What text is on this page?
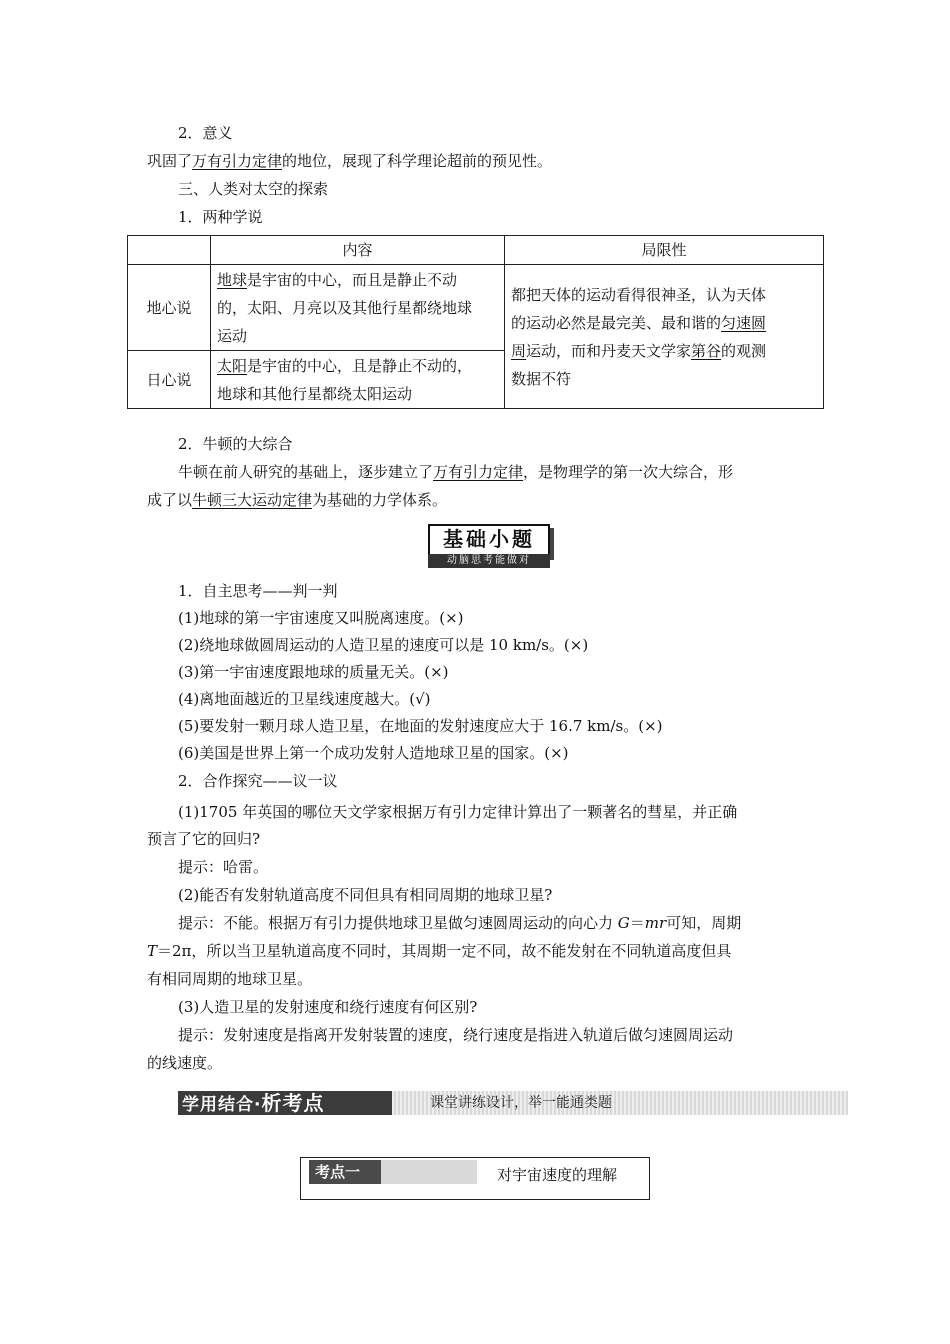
2．意义
巩固了万有引力定律的地位，展现了科学理论超前的预见性。
三、人类对太空的探索
1．两种学说
	内容	局限性
地心说	地球是宇宙的中心，而且是静止不动
的，太阳、月亮以及其他行星都绕地球
运动	都把天体的运动看得很神圣，认为天体
的运动必然是最完美、最和谐的匀速圆
周运动，而和丹麦天文学家第谷的观测
数据不符
日心说	太阳是宇宙的中心，且是静止不动的，
地球和其他行星都绕太阳运动	
2．牛顿的大综合
牛顿在前人研究的基础上，逐步建立了万有引力定律，是物理学的第一次大综合，形
成了以牛顿三大运动定律为基础的力学体系。
基础小题
动脑思考能做对
1．自主思考——判一判
(1)地球的第一宇宙速度又叫脱离速度。(×)
(2)绕地球做圆周运动的人造卫星的速度可以是 10 km/s。(×)
(3)第一宇宙速度跟地球的质量无关。(×)
(4)离地面越近的卫星线速度越大。(√)
(5)要发射一颗月球人造卫星，在地面的发射速度应大于 16.7 km/s。(×)
(6)美国是世界上第一个成功发射人造地球卫星的国家。(×)
2．合作探究——议一议
(1)1705 年英国的哪位天文学家根据万有引力定律计算出了一颗著名的彗星，并正确
预言了它的回归?
提示：哈雷。
(2)能否有发射轨道高度不同但具有相同周期的地球卫星?
提示：不能。根据万有引力提供地球卫星做匀速圆周运动的向心力 G＝mr可知，周期
T＝2π，所以当卫星轨道高度不同时，其周期一定不同，故不能发射在不同轨道高度但具
有相同周期的地球卫星。
(3)人造卫星的发射速度和绕行速度有何区别?
提示：发射速度是指离开发射装置的速度，绕行速度是指进入轨道后做匀速圆周运动
的线速度。
学用结合·析考点	课堂讲练设计，举一能通类题
考点一	对宇宙速度的理解
